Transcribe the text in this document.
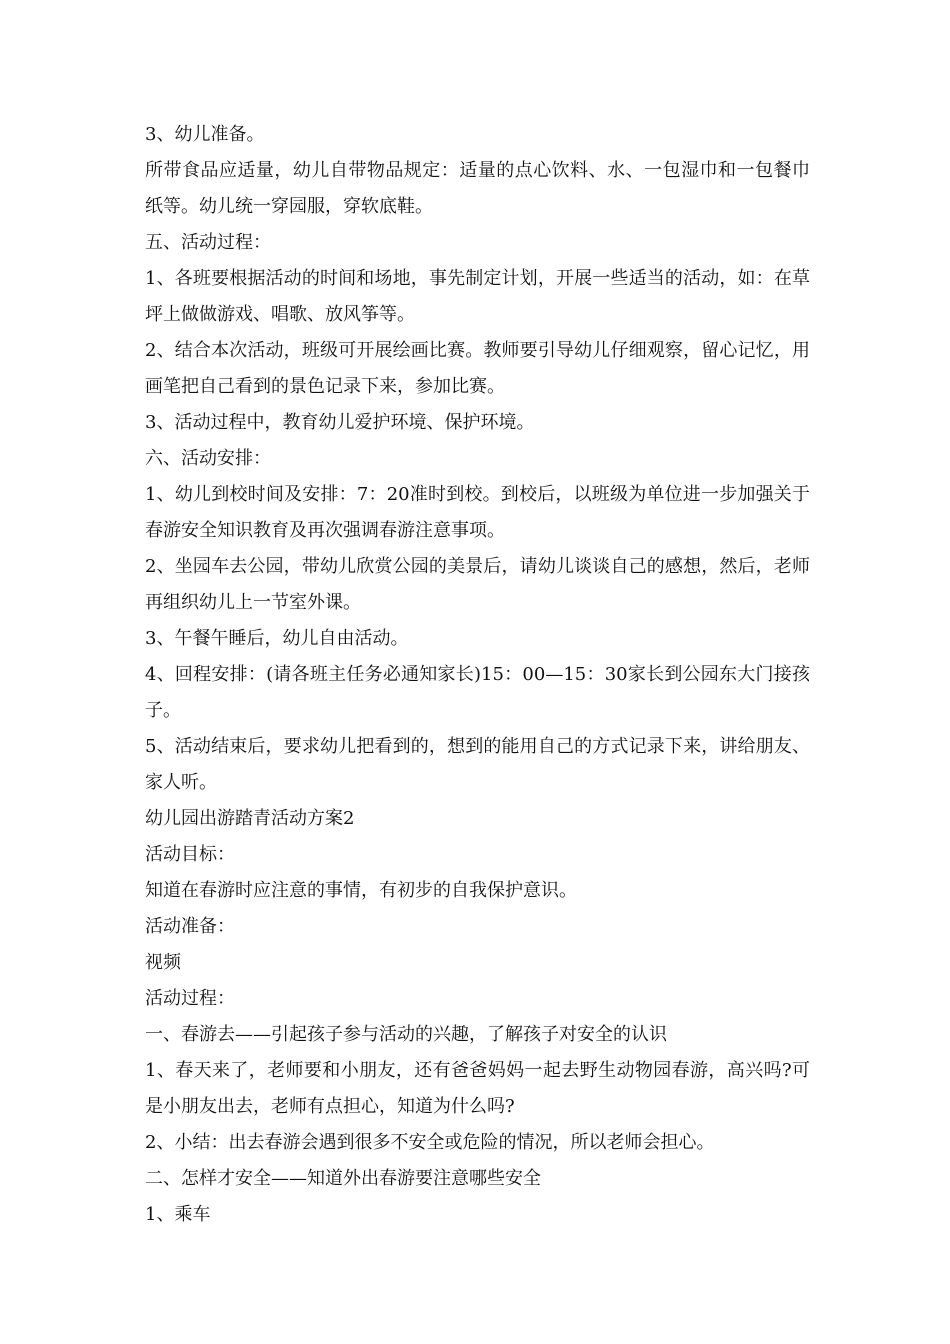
3、幼儿准备。

所带食品应适量，幼儿自带物品规定：适量的点心饮料、水、一包湿巾和一包餐巾纸等。幼儿统一穿园服，穿软底鞋。

五、活动过程：

1、各班要根据活动的时间和场地，事先制定计划，开展一些适当的活动，如：在草坪上做做游戏、唱歌、放风筝等。

2、结合本次活动，班级可开展绘画比赛。教师要引导幼儿仔细观察，留心记忆，用画笔把自己看到的景色记录下来，参加比赛。

3、活动过程中，教育幼儿爱护环境、保护环境。

六、活动安排：

1、幼儿到校时间及安排：7：20准时到校。到校后，以班级为单位进一步加强关于春游安全知识教育及再次强调春游注意事项。

2、坐园车去公园，带幼儿欣赏公园的美景后，请幼儿谈谈自己的感想，然后，老师再组织幼儿上一节室外课。

3、午餐午睡后，幼儿自由活动。

4、回程安排：(请各班主任务必通知家长)15：00—15：30家长到公园东大门接孩子。

5、活动结束后，要求幼儿把看到的，想到的能用自己的方式记录下来，讲给朋友、家人听。

幼儿园出游踏青活动方案2

活动目标：

知道在春游时应注意的事情，有初步的自我保护意识。

活动准备：

视频

活动过程：

一、春游去——引起孩子参与活动的兴趣，了解孩子对安全的认识

1、春天来了，老师要和小朋友，还有爸爸妈妈一起去野生动物园春游，高兴吗?可是小朋友出去，老师有点担心，知道为什么吗?

2、小结：出去春游会遇到很多不安全或危险的情况，所以老师会担心。

二、怎样才安全——知道外出春游要注意哪些安全

1、乘车
